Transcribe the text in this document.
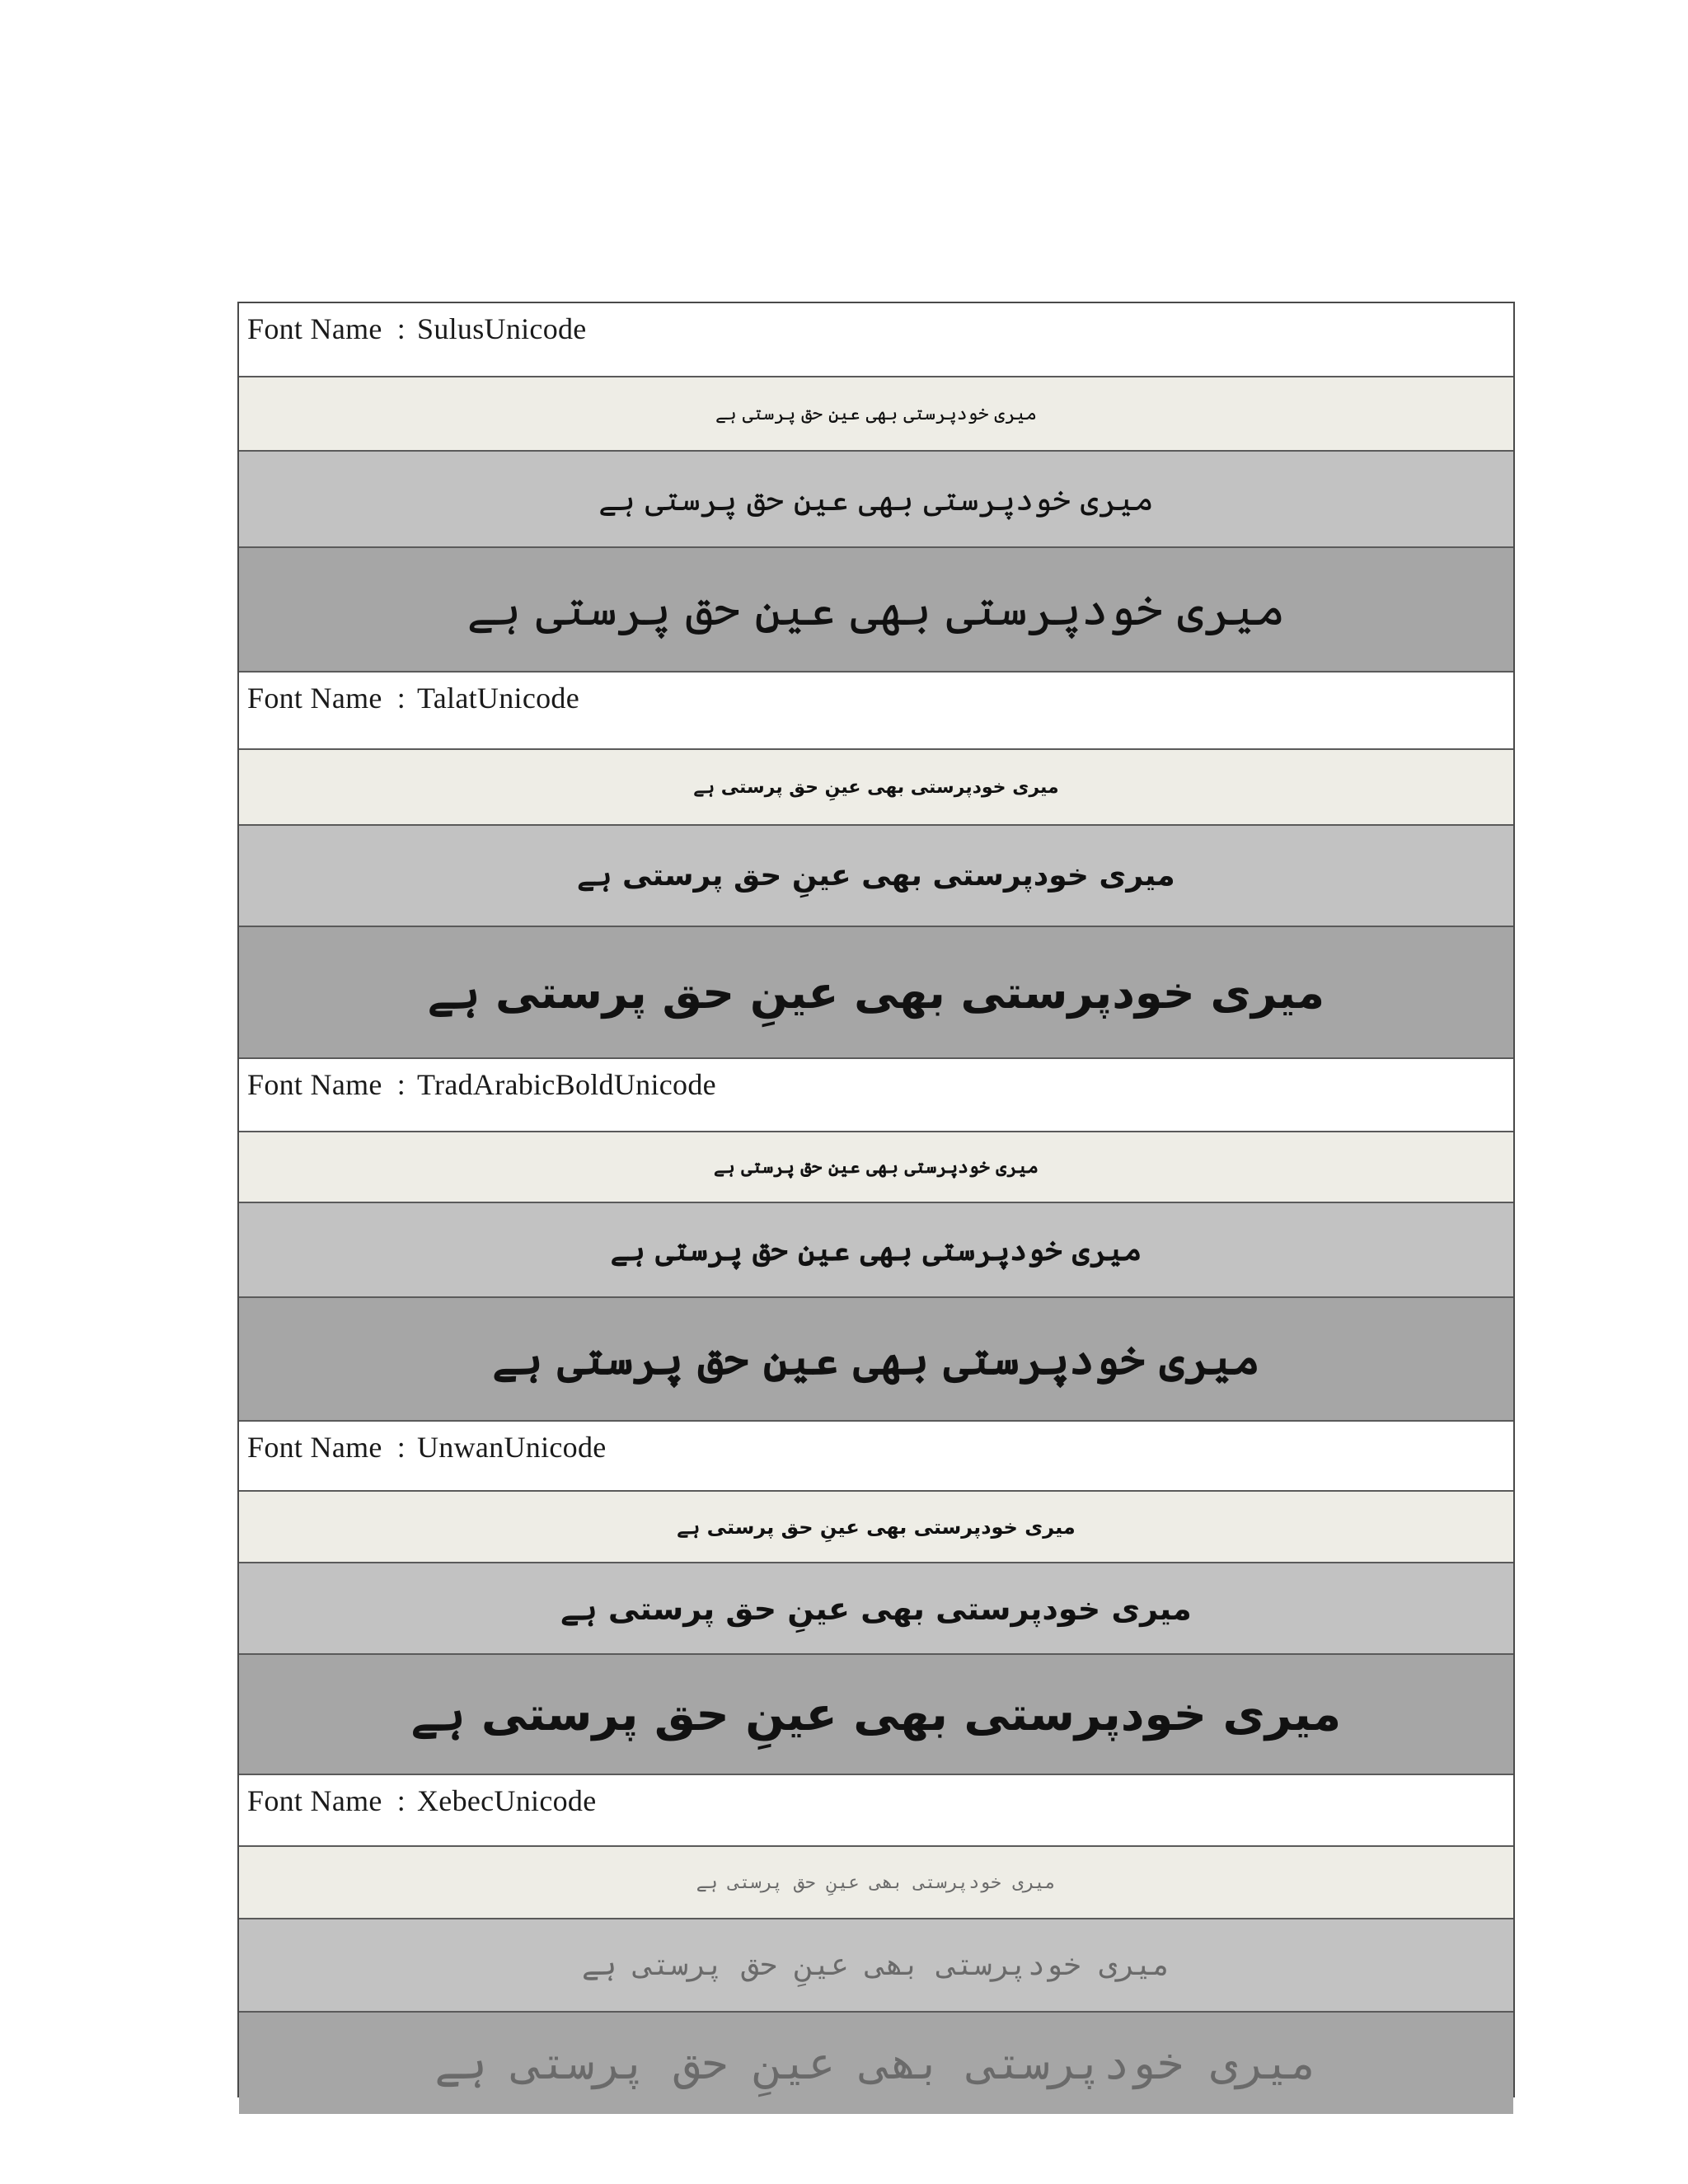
Font Name : SulusUnicode
میری خودپرستی بھی عینِ حق پرستی ہے
میری خودپرستی بھی عینِ حق پرستی ہے
میری خودپرستی بھی عینِ حق پرستی ہے
Font Name : TalatUnicode
میری خودپرستی بھی عینِ حق پرستی ہے
میری خودپرستی بھی عینِ حق پرستی ہے
میری خودپرستی بھی عینِ حق پرستی ہے
Font Name : TradArabicBoldUnicode
میری خودپرستی بھی عینِ حق پرستی ہے
میری خودپرستی بھی عینِ حق پرستی ہے
میری خودپرستی بھی عینِ حق پرستی ہے
Font Name : UnwanUnicode
میری خودپرستی بھی عینِ حق پرستی ہے
میری خودپرستی بھی عینِ حق پرستی ہے
میری خودپرستی بھی عینِ حق پرستی ہے
Font Name : XebecUnicode
میری خودپرستی بھی عینِ حق پرستی ہے
میری خودپرستی بھی عینِ حق پرستی ہے
میری خودپرستی بھی عینِ حق پرستی ہے
